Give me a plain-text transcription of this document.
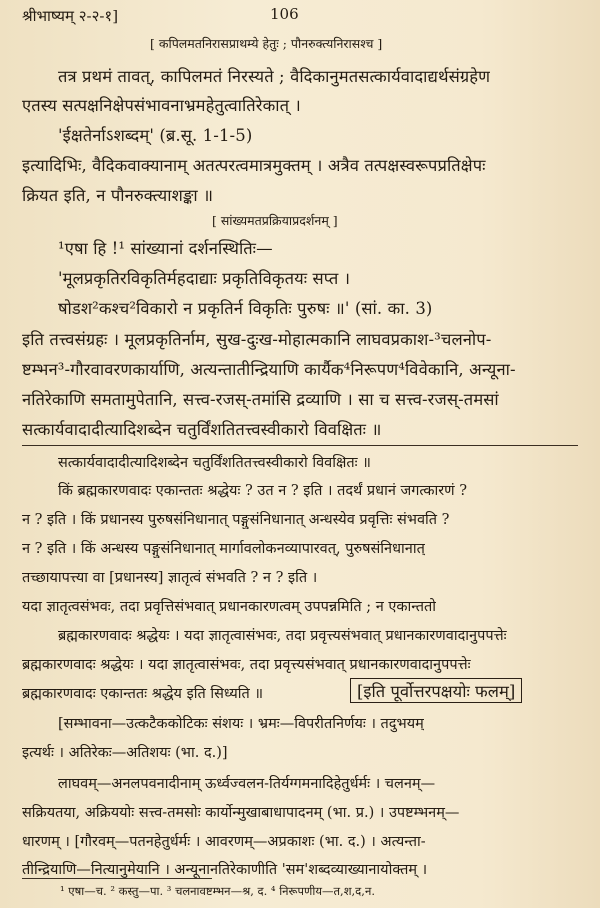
श्रीभाष्यम् २-२-१]	106
[ कपिलमतनिरासप्राथम्ये हेतुः ; पौनरुक्त्यनिरासश्च ]
तत्र प्रथमं तावत्, कापिलमतं निरस्यते ; वैदिकानुमतसत्कार्यवादाद्यर्थसंग्रहेण
एतस्य सत्पक्षनिक्षेपसंभावनाभ्रमहेतुत्वातिरेकात् ।
'ईक्षतेर्नाऽशब्दम्' (ब्र.सू. 1-1-5)
इत्यादिभिः, वैदिकवाक्यानाम् अतत्परत्वमात्रमुक्तम् । अत्रैव तत्पक्षस्वरूपप्रतिक्षेपः
क्रियत इति, न पौनरुक्त्याशङ्का ॥
[ सांख्यमतप्रक्रियाप्रदर्शनम् ]
¹एषा हि !¹ सांख्यानां दर्शनस्थितिः—
'मूलप्रकृतिरविकृतिर्महदाद्याः प्रकृतिविकृतयः सप्त ।
षोडश²कश्च²विकारो न प्रकृतिर्न विकृतिः पुरुषः ॥' (सां. का. 3)
इति तत्त्वसंग्रहः । मूलप्रकृतिर्नाम, सुख-दुःख-मोहात्मकानि लाघवप्रकाश-³चलनोप-
ष्टम्भन³-गौरवावरणकार्याणि, अत्यन्तातीन्द्रियाणि कार्यैक⁴निरूपण⁴विवेकानि, अन्यूना-
नतिरेकाणि समतामुपेतानि, सत्त्व-रजस्-तमांसि द्रव्याणि । सा च सत्त्व-रजस्-तमसां
सत्कार्यवादादीत्यादिशब्देन चतुर्विंशतितत्त्वस्वीकारो विवक्षितः ॥
सत्कार्यवादादीत्यादिशब्देन चतुर्विंशतितत्त्वस्वीकारो विवक्षितः ॥
किं ब्रह्मकारणवादः एकान्ततः श्रद्धेयः ? उत न ? इति । तदर्थं प्रधानं जगत्कारणं ?
न ? इति । किं प्रधानस्य पुरुषसंनिधानात् पङ्गुसंनिधानात् अन्धस्येव प्रवृत्तिः संभवति ?
न ? इति । किं अन्धस्य पङ्गुसंनिधानात् मार्गावलोकनव्यापारवत्, पुरुषसंनिधानात्
तच्छायापत्त्या वा [प्रधानस्य] ज्ञातृत्वं संभवति ? न ? इति ।
यदा ज्ञातृत्वसंभवः, तदा प्रवृत्तिसंभवात् प्रधानकारणत्वम् उपपन्नमिति ; न एकान्ततो
ब्रह्मकारणवादः श्रद्धेयः । यदा ज्ञातृत्वासंभवः, तदा प्रवृत्त्यसंभवात् प्रधानकारणवादानुपपत्तेः
ब्रह्मकारणवादः श्रद्धेयः । यदा ज्ञातृत्वासंभवः, तदा प्रवृत्त्यसंभवात् प्रधानकारणवादानुपपत्तेः
ब्रह्मकारणवादः एकान्ततः श्रद्धेय इति सिध्यति ॥	[इति पूर्वोत्तरपक्षयोः फलम्]
[सम्भावना—उत्कटैककोटिकः संशयः । भ्रमः—विपरीतनिर्णयः । तदुभयम्
इत्यर्थः । अतिरेकः—अतिशयः (भा. द.)]
लाघवम्—अनलपवनादीनाम् ऊर्ध्वज्वलन-तिर्यग्गमनादिहेतुर्धर्मः । चलनम्—
सक्रियतया, अक्रिययोः सत्त्व-तमसोः कार्योन्मुखाबाधापादनम् (भा. प्र.) । उपष्टम्भनम्—
धारणम् । [गौरवम्—पतनहेतुर्धर्मः । आवरणम्—अप्रकाशः (भा. द.) । अत्यन्ता-
तीन्द्रियाणि—नित्यानुमेयानि । अन्यूनानतिरेकाणीति 'सम'शब्दव्याख्यानायोक्तम् ।
¹ एषा—च. ² कस्तु—पा. ³ चलनावष्टम्भन—श्र, द. ⁴ निरूपणीय—त,श,द,न.
